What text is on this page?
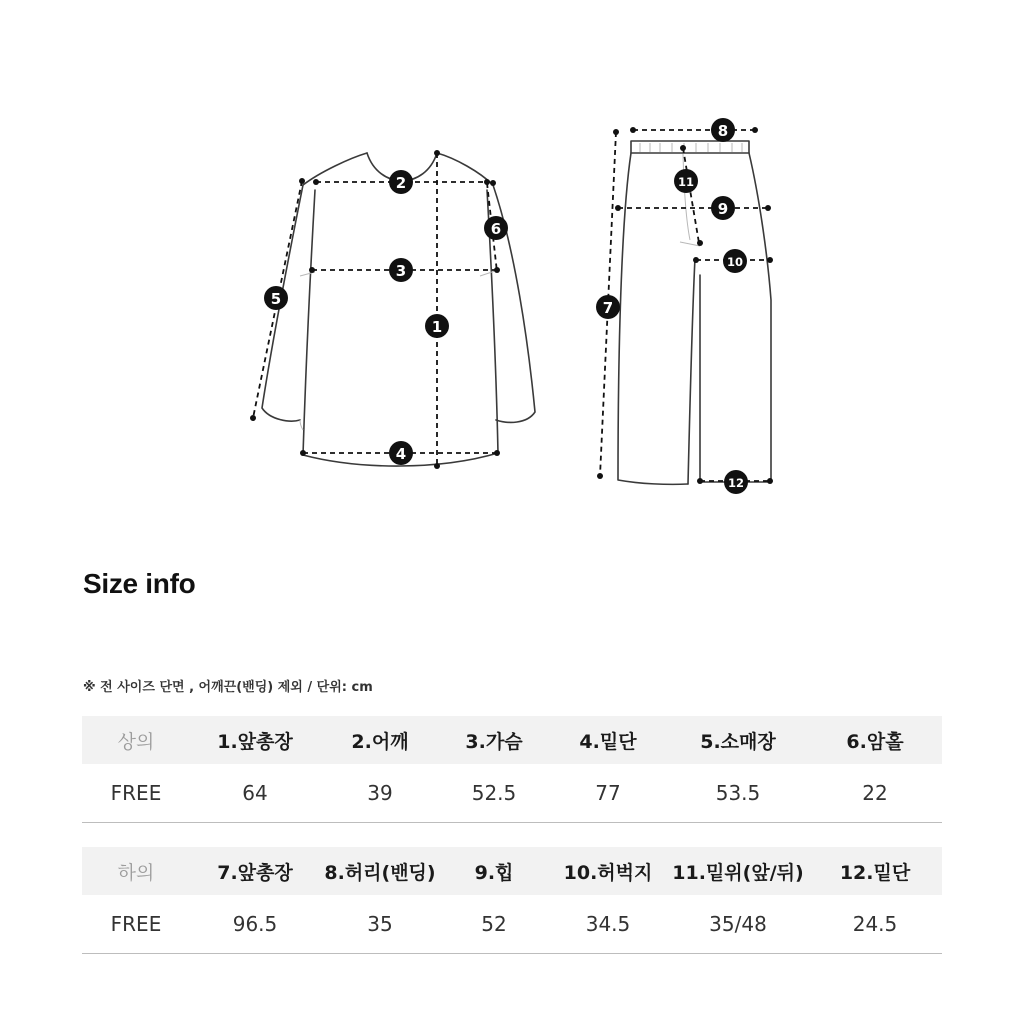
1
2
3
4
5
6
7
8
9
10
11
12
Size info
※ 전 사이즈 단면 , 어깨끈(밴딩) 제외 / 단위: cm
상의	1.앞총장	2.어깨	3.가슴	4.밑단	5.소매장	6.암홀
FREE	64	39	52.5	77	53.5	22
하의	7.앞총장	8.허리(밴딩)	9.힙	10.허벅지	11.밑위(앞/뒤)	12.밑단
FREE	96.5	35	52	34.5	35/48	24.5
